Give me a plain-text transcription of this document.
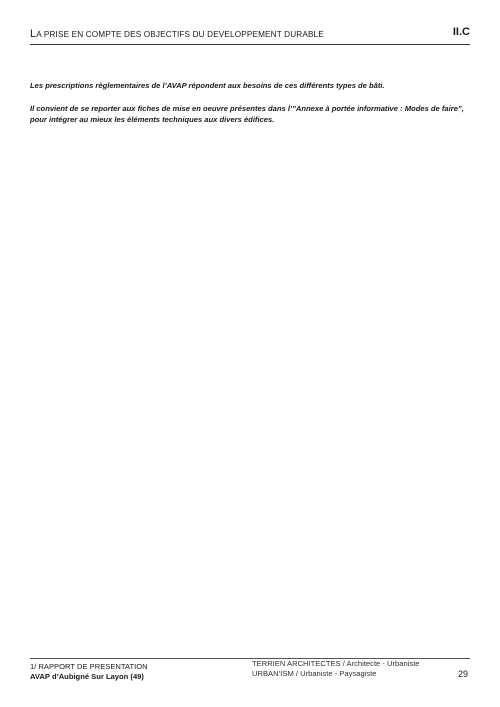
LA PRISE EN COMPTE DES OBJECTIFS DU DEVELOPPEMENT DURABLE	II.C

Les prescriptions règlementaires de l’AVAP répondent aux besoins de ces différents types de bâti.

Il convient de se reporter aux fiches de mise en oeuvre présentes dans l’”Annexe à portée informative : Modes de faire”, pour intégrer au mieux les éléments techniques aux divers édifices.

1/ RAPPORT DE PRESENTATION
AVAP d’Aubigné Sur Layon (49)
TERRIEN ARCHITECTES / Architecte - Urbaniste
URBAN’ISM / Urbaniste - Paysagiste	29
